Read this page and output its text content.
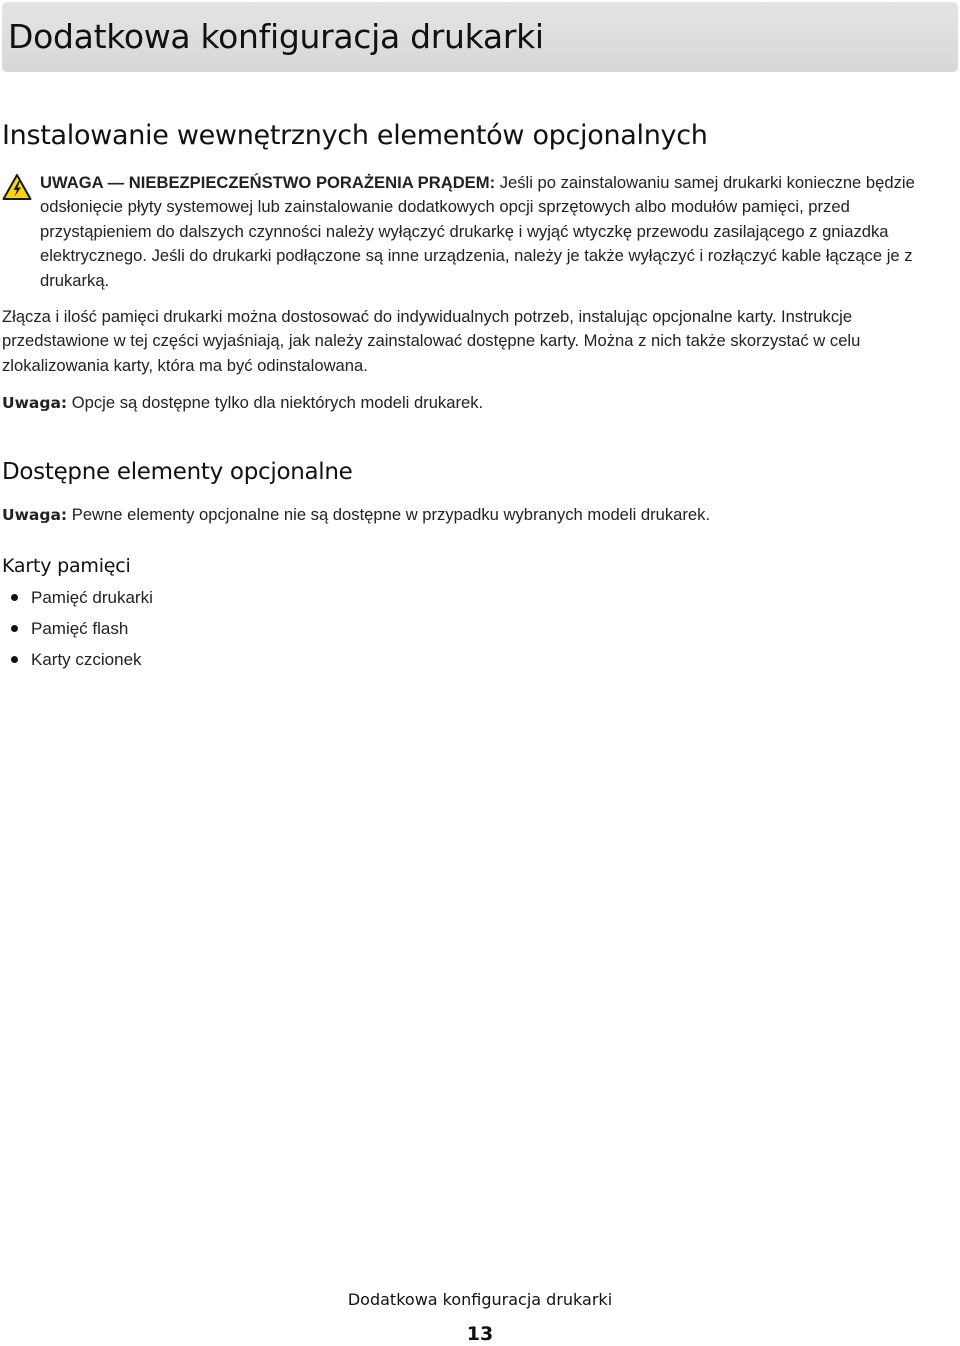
Dodatkowa konfiguracja drukarki
Instalowanie wewnętrznych elementów opcjonalnych

UWAGA — NIEBEZPIECZEŃSTWO PORAŻENIA PRĄDEM: Jeśli po zainstalowaniu samej drukarki konieczne będzie odsłonięcie płyty systemowej lub zainstalowanie dodatkowych opcji sprzętowych albo modułów pamięci, przed przystąpieniem do dalszych czynności należy wyłączyć drukarkę i wyjąć wtyczkę przewodu zasilającego z gniazdka elektrycznego. Jeśli do drukarki podłączone są inne urządzenia, należy je także wyłączyć i rozłączyć kable łączące je z drukarką.

Złącza i ilość pamięci drukarki można dostosować do indywidualnych potrzeb, instalując opcjonalne karty. Instrukcje przedstawione w tej części wyjaśniają, jak należy zainstalować dostępne karty. Można z nich także skorzystać w celu zlokalizowania karty, która ma być odinstalowana.

Uwaga: Opcje są dostępne tylko dla niektórych modeli drukarek.

Dostępne elementy opcjonalne

Uwaga: Pewne elementy opcjonalne nie są dostępne w przypadku wybranych modeli drukarek.

Karty pamięci
Pamięć drukarki
Pamięć flash
Karty czcionek

Dodatkowa konfiguracja drukarki

13
